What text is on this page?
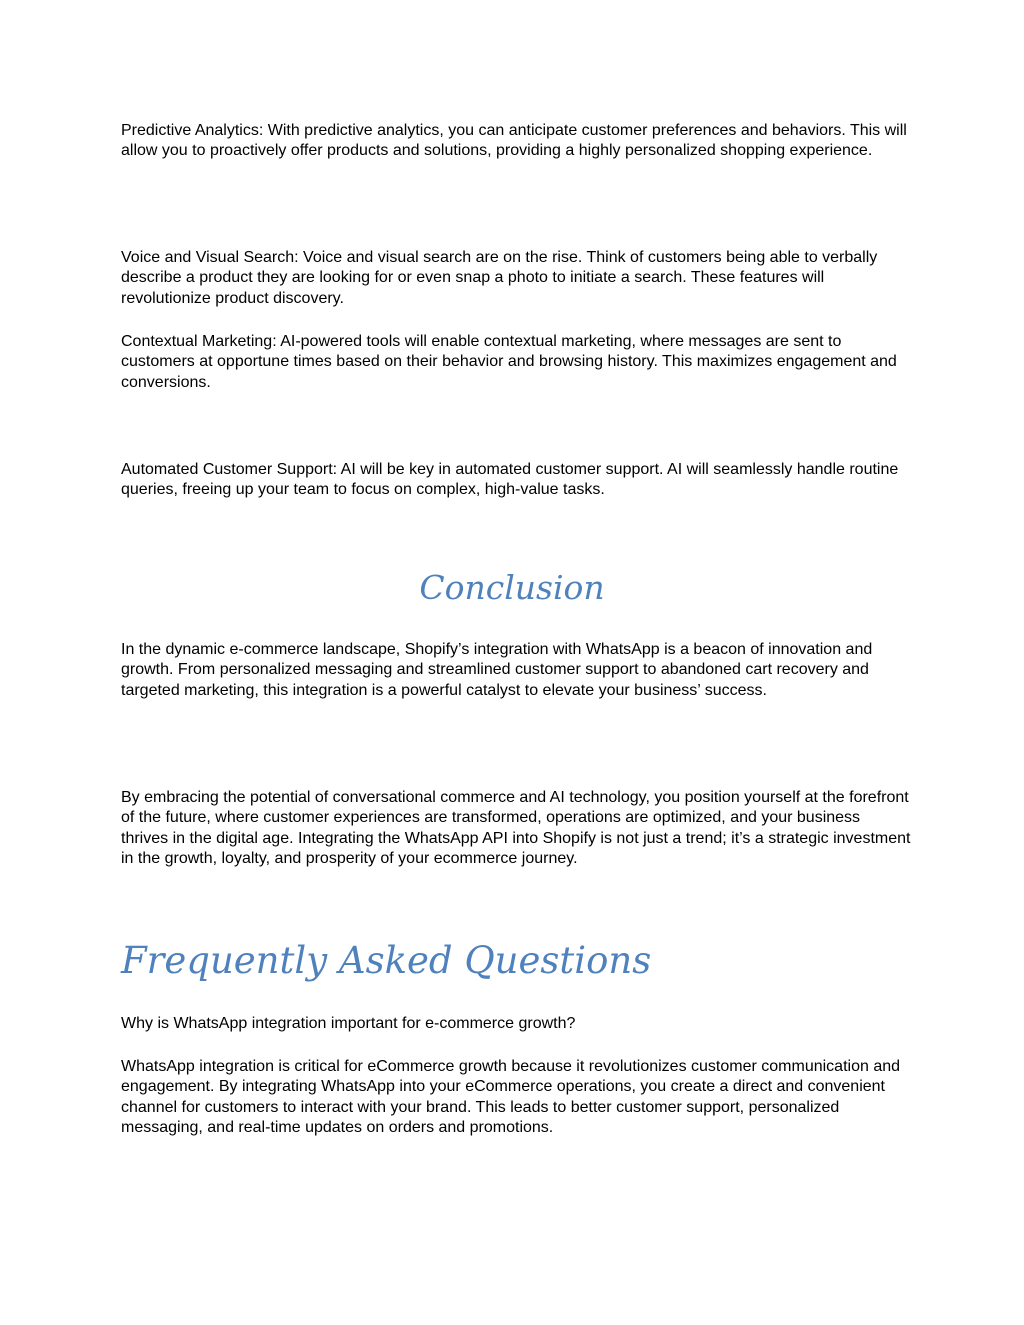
Predictive Analytics: With predictive analytics, you can anticipate customer preferences and behaviors. This will allow you to proactively offer products and solutions, providing a highly personalized shopping experience.

Voice and Visual Search: Voice and visual search are on the rise. Think of customers being able to verbally describe a product they are looking for or even snap a photo to initiate a search. These features will revolutionize product discovery.

Contextual Marketing: AI-powered tools will enable contextual marketing, where messages are sent to customers at opportune times based on their behavior and browsing history. This maximizes engagement and conversions.

Automated Customer Support: AI will be key in automated customer support. AI will seamlessly handle routine queries, freeing up your team to focus on complex, high-value tasks.

Conclusion

In the dynamic e-commerce landscape, Shopify’s integration with WhatsApp is a beacon of innovation and growth. From personalized messaging and streamlined customer support to abandoned cart recovery and targeted marketing, this integration is a powerful catalyst to elevate your business’ success.

By embracing the potential of conversational commerce and AI technology, you position yourself at the forefront of the future, where customer experiences are transformed, operations are optimized, and your business thrives in the digital age. Integrating the WhatsApp API into Shopify is not just a trend; it’s a strategic investment in the growth, loyalty, and prosperity of your ecommerce journey.

Frequently Asked Questions

Why is WhatsApp integration important for e-commerce growth?

WhatsApp integration is critical for eCommerce growth because it revolutionizes customer communication and engagement. By integrating WhatsApp into your eCommerce operations, you create a direct and convenient channel for customers to interact with your brand. This leads to better customer support, personalized messaging, and real-time updates on orders and promotions.
